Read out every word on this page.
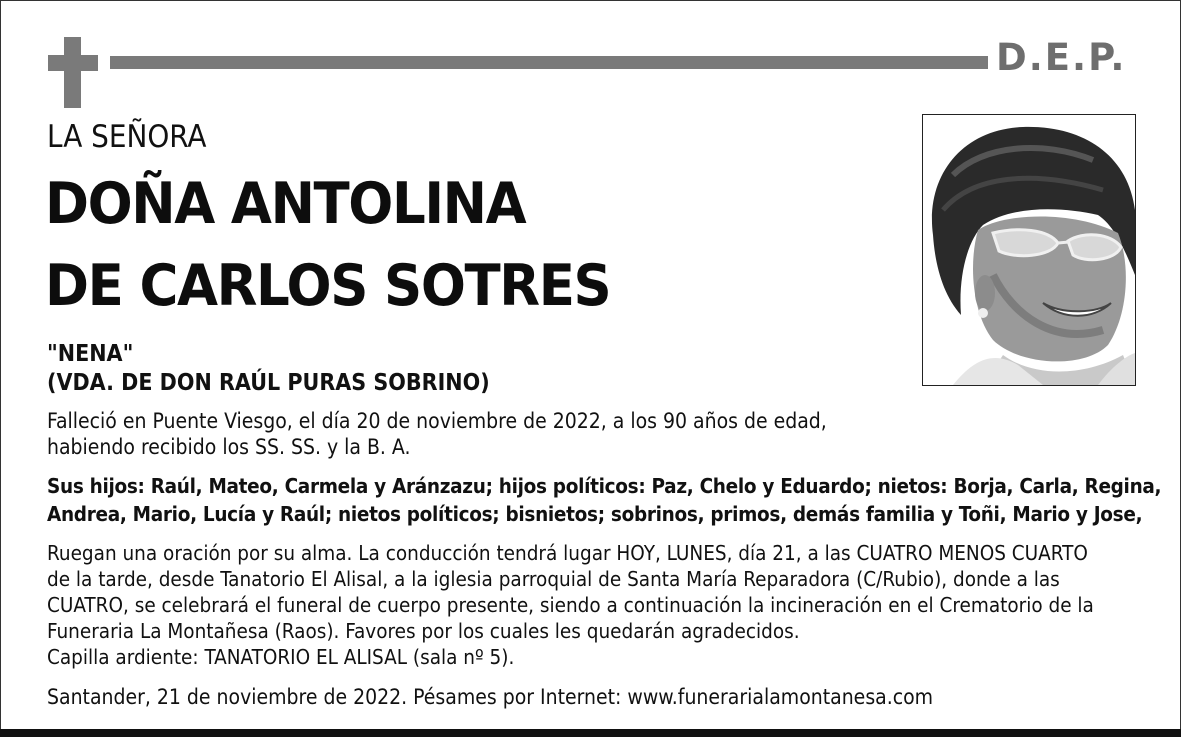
D.E.P.
LA SEÑORA
DOÑA ANTOLINA
DE CARLOS SOTRES
"NENA"
(VDA. DE DON RAÚL PURAS SOBRINO)
Falleció en Puente Viesgo, el día 20 de noviembre de 2022, a los 90 años de edad,
habiendo recibido los SS. SS. y la B. A.
Sus hijos: Raúl, Mateo, Carmela y Aránzazu; hijos políticos: Paz, Chelo y Eduardo; nietos: Borja, Carla, Regina,
Andrea, Mario, Lucía y Raúl; nietos políticos; bisnietos; sobrinos, primos, demás familia y Toñi, Mario y Jose,
Ruegan una oración por su alma. La conducción tendrá lugar HOY, LUNES, día 21, a las CUATRO MENOS CUARTO
de la tarde, desde Tanatorio El Alisal, a la iglesia parroquial de Santa María Reparadora (C/Rubio), donde a las
CUATRO, se celebrará el funeral de cuerpo presente, siendo a continuación la incineración en el Crematorio de la
Funeraria La Montañesa (Raos). Favores por los cuales les quedarán agradecidos.
Capilla ardiente: TANATORIO EL ALISAL (sala nº 5).
Santander, 21 de noviembre de 2022. Pésames por Internet: www.funerarialamontanesa.com
